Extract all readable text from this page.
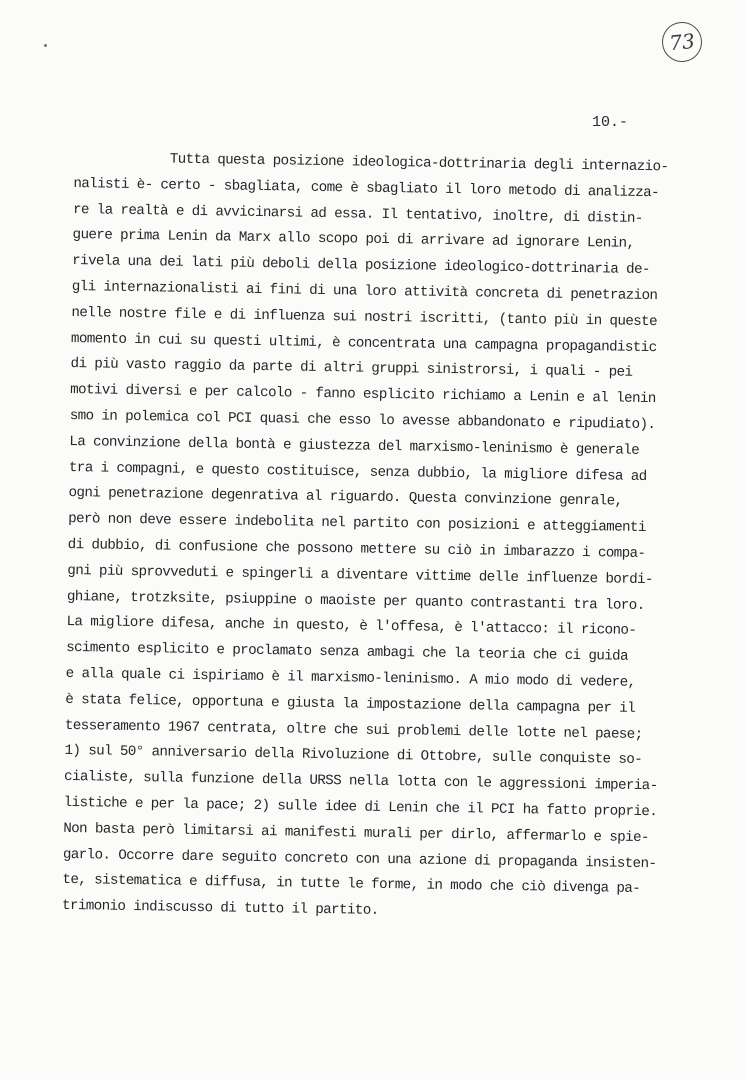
73
10.-
Tutta questa posizione ideologica-dottrinaria degli internazio-
nalisti è- certo - sbagliata, come è sbagliato il loro metodo di analizza-
re la realtà e di avvicinarsi ad essa. Il tentativo, inoltre, di distin-
guere prima Lenin da Marx allo scopo poi di arrivare ad ignorare Lenin,
rivela una dei lati più deboli della posizione ideologico-dottrinaria de-
gli internazionalisti ai fini di una loro attività concreta di penetrazion
nelle nostre file e di influenza sui nostri iscritti, (tanto più in queste
momento in cui su questi ultimi, è concentrata una campagna propagandistic
di più vasto raggio da parte di altri gruppi sinistrorsi, i quali - pei
motivi diversi e per calcolo - fanno esplicito richiamo a Lenin e al lenin
smo in polemica col PCI quasi che esso lo avesse abbandonato e ripudiato).
La convinzione della bontà e giustezza del marxismo-leninismo è generale
tra i compagni, e questo costituisce, senza dubbio, la migliore difesa ad
ogni penetrazione degenrativa al riguardo. Questa convinzione genrale,
però non deve essere indebolita nel partito con posizioni e atteggiamenti
di dubbio, di confusione che possono mettere su ciò in imbarazzo i compa-
gni più sprovveduti e spingerli a diventare vittime delle influenze bordi-
ghiane, trotzksite, psiuppine o maoiste per quanto contrastanti tra loro.
La migliore difesa, anche in questo, è l'offesa, è l'attacco: il ricono-
scimento esplicito e proclamato senza ambagi che la teoria che ci guida
e alla quale ci ispiriamo è il marxismo-leninismo. A mio modo di vedere,
è stata felice, opportuna e giusta la impostazione della campagna per il
tesseramento 1967 centrata, oltre che sui problemi delle lotte nel paese;
1) sul 50° anniversario della Rivoluzione di Ottobre, sulle conquiste so-
cialiste, sulla funzione della URSS nella lotta con le aggressioni imperia-
listiche e per la pace; 2) sulle idee di Lenin che il PCI ha fatto proprie.
Non basta però limitarsi ai manifesti murali per dirlo, affermarlo e spie-
garlo. Occorre dare seguito concreto con una azione di propaganda insisten-
te, sistematica e diffusa, in tutte le forme, in modo che ciò divenga pa-
trimonio indiscusso di tutto il partito.
